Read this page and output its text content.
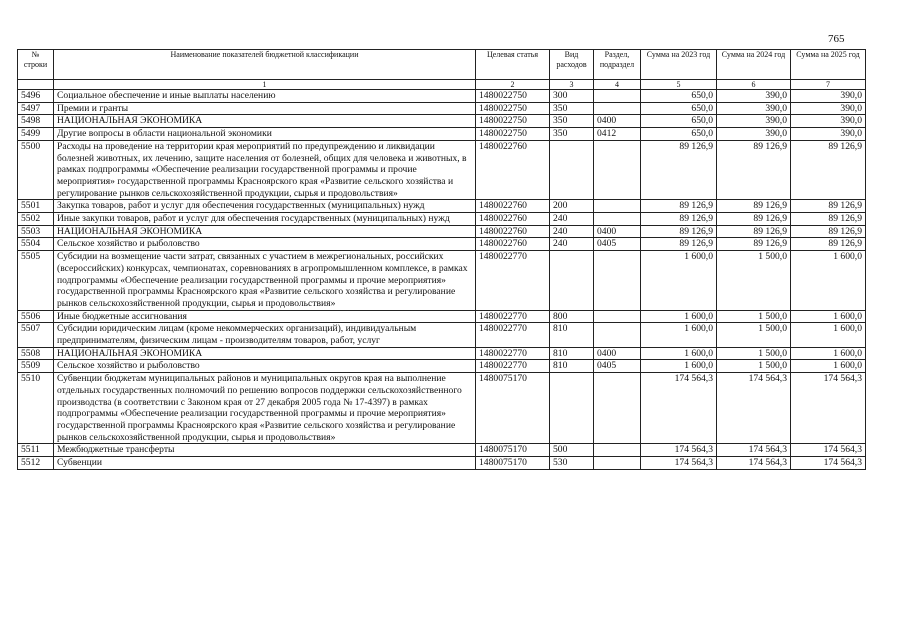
765
№ строки	Наименование показателей бюджетной классификации	Целевая статья	Вид расходов	Раздел, подраздел	Сумма на 2023 год	Сумма на 2024 год	Сумма на 2025 год
	1	2	3	4	5	6	7
5496	Социальное обеспечение и иные выплаты населению	1480022750	300		650,0	390,0	390,0
5497	Премии и гранты	1480022750	350		650,0	390,0	390,0
5498	НАЦИОНАЛЬНАЯ ЭКОНОМИКА	1480022750	350	0400	650,0	390,0	390,0
5499	Другие вопросы в области национальной экономики	1480022750	350	0412	650,0	390,0	390,0
5500	Расходы на проведение на территории края мероприятий по предупреждению и ликвидации болезней животных, их лечению, защите населения от болезней, общих для человека и животных, в рамках подпрограммы «Обеспечение реализации государственной программы и прочие мероприятия» государственной программы Красноярского края «Развитие сельского хозяйства и регулирование рынков сельскохозяйственной продукции, сырья и продовольствия»	1480022760			89 126,9	89 126,9	89 126,9
5501	Закупка товаров, работ и услуг для обеспечения государственных (муниципальных) нужд	1480022760	200		89 126,9	89 126,9	89 126,9
5502	Иные закупки товаров, работ и услуг для обеспечения государственных (муниципальных) нужд	1480022760	240		89 126,9	89 126,9	89 126,9
5503	НАЦИОНАЛЬНАЯ ЭКОНОМИКА	1480022760	240	0400	89 126,9	89 126,9	89 126,9
5504	Сельское хозяйство и рыболовство	1480022760	240	0405	89 126,9	89 126,9	89 126,9
5505	Субсидии на возмещение части затрат, связанных с участием в межрегиональных, российских (всероссийских) конкурсах, чемпионатах, соревнованиях в агропромышленном комплексе, в рамках подпрограммы «Обеспечение реализации государственной программы и прочие мероприятия» государственной программы Красноярского края «Развитие сельского хозяйства и регулирование рынков сельскохозяйственной продукции, сырья и продовольствия»	1480022770			1 600,0	1 500,0	1 600,0
5506	Иные бюджетные ассигнования	1480022770	800		1 600,0	1 500,0	1 600,0
5507	Субсидии юридическим лицам (кроме некоммерческих организаций), индивидуальным предпринимателям, физическим лицам - производителям товаров, работ, услуг	1480022770	810		1 600,0	1 500,0	1 600,0
5508	НАЦИОНАЛЬНАЯ ЭКОНОМИКА	1480022770	810	0400	1 600,0	1 500,0	1 600,0
5509	Сельское хозяйство и рыболовство	1480022770	810	0405	1 600,0	1 500,0	1 600,0
5510	Субвенции бюджетам муниципальных районов и муниципальных округов края на выполнение отдельных государственных полномочий по решению вопросов поддержки сельскохозяйственного производства (в соответствии с Законом края от 27 декабря 2005 года № 17-4397) в рамках подпрограммы «Обеспечение реализации государственной программы и прочие мероприятия» государственной программы Красноярского края «Развитие сельского хозяйства и регулирование рынков сельскохозяйственной продукции, сырья и продовольствия»	1480075170			174 564,3	174 564,3	174 564,3
5511	Межбюджетные трансферты	1480075170	500		174 564,3	174 564,3	174 564,3
5512	Субвенции	1480075170	530		174 564,3	174 564,3	174 564,3
